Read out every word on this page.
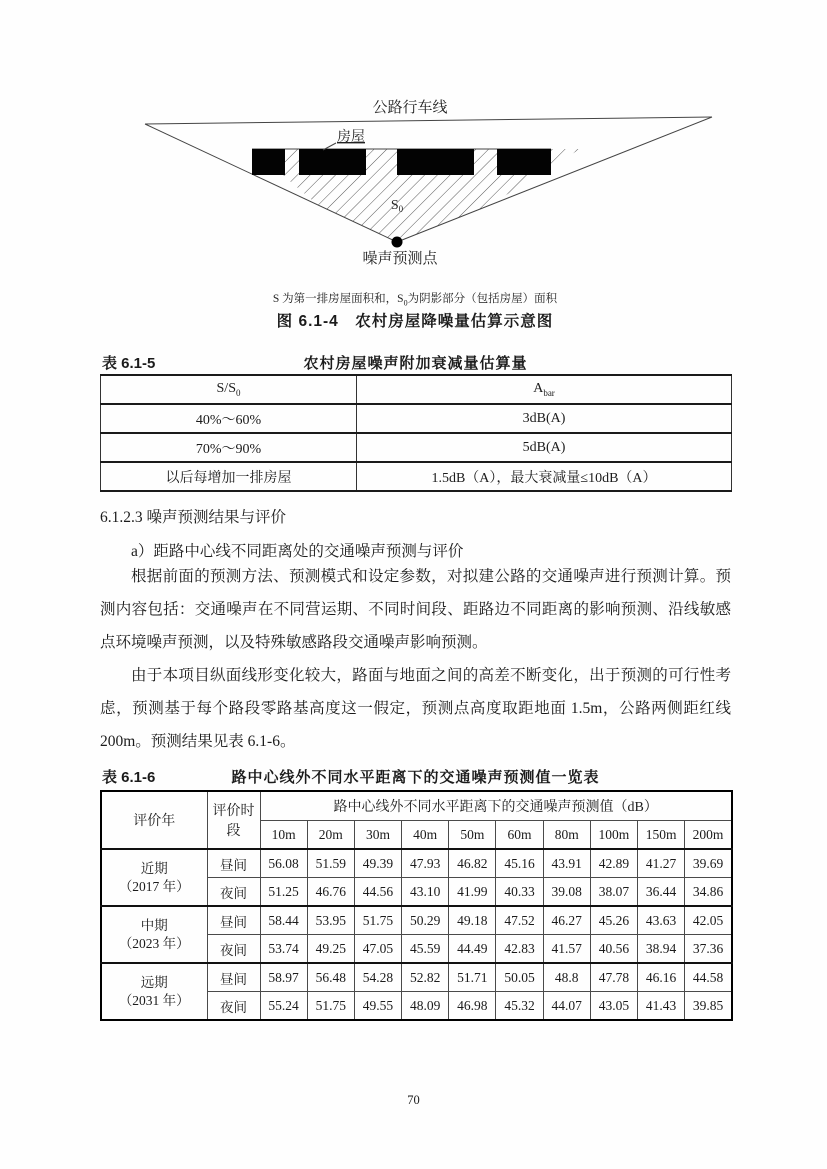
公路行车线
房屋
$S_0$
噪声预测点
S 为第一排房屋面积和，$S_0$为阴影部分（包括房屋）面积
图 6.1-4　农村房屋降噪量估算示意图
表 6.1-5	农村房屋噪声附加衰减量估算量
$S/S_0$	$A_{bar}$
40%～60%	3dB(A)
70%～90%	5dB(A)
以后每增加一排房屋	1.5dB（A），最大衰减量≤10dB（A）
6.1.2.3 噪声预测结果与评价
a）距路中心线不同距离处的交通噪声预测与评价
根据前面的预测方法、预测模式和设定参数，对拟建公路的交通噪声进行预测计算。预测内容包括：交通噪声在不同营运期、不同时间段、距路边不同距离的影响预测、沿线敏感点环境噪声预测，以及特殊敏感路段交通噪声影响预测。
由于本项目纵面线形变化较大，路面与地面之间的高差不断变化，出于预测的可行性考虑，预测基于每个路段零路基高度这一假定，预测点高度取距地面 1.5m，公路两侧距红线 200m。预测结果见表 6.1-6。
表 6.1-6	路中心线外不同水平距离下的交通噪声预测值一览表
评价年	评价时段	路中心线外不同水平距离下的交通噪声预测值（dB）									
		10m	20m	30m	40m	50m	60m	80m	100m	150m	200m

近期
（2017 年）	昼间	56.08	51.59	49.39	47.93	46.82	45.16	43.91	42.89	41.27	39.69
	夜间	51.25	46.76	44.56	43.10	41.99	40.33	39.08	38.07	36.44	34.86

中期
（2023 年）	昼间	58.44	53.95	51.75	50.29	49.18	47.52	46.27	45.26	43.63	42.05
	夜间	53.74	49.25	47.05	45.59	44.49	42.83	41.57	40.56	38.94	37.36

远期
（2031 年）	昼间	58.97	56.48	54.28	52.82	51.71	50.05	48.8	47.78	46.16	44.58
	夜间	55.24	51.75	49.55	48.09	46.98	45.32	44.07	43.05	41.43	39.85
70
